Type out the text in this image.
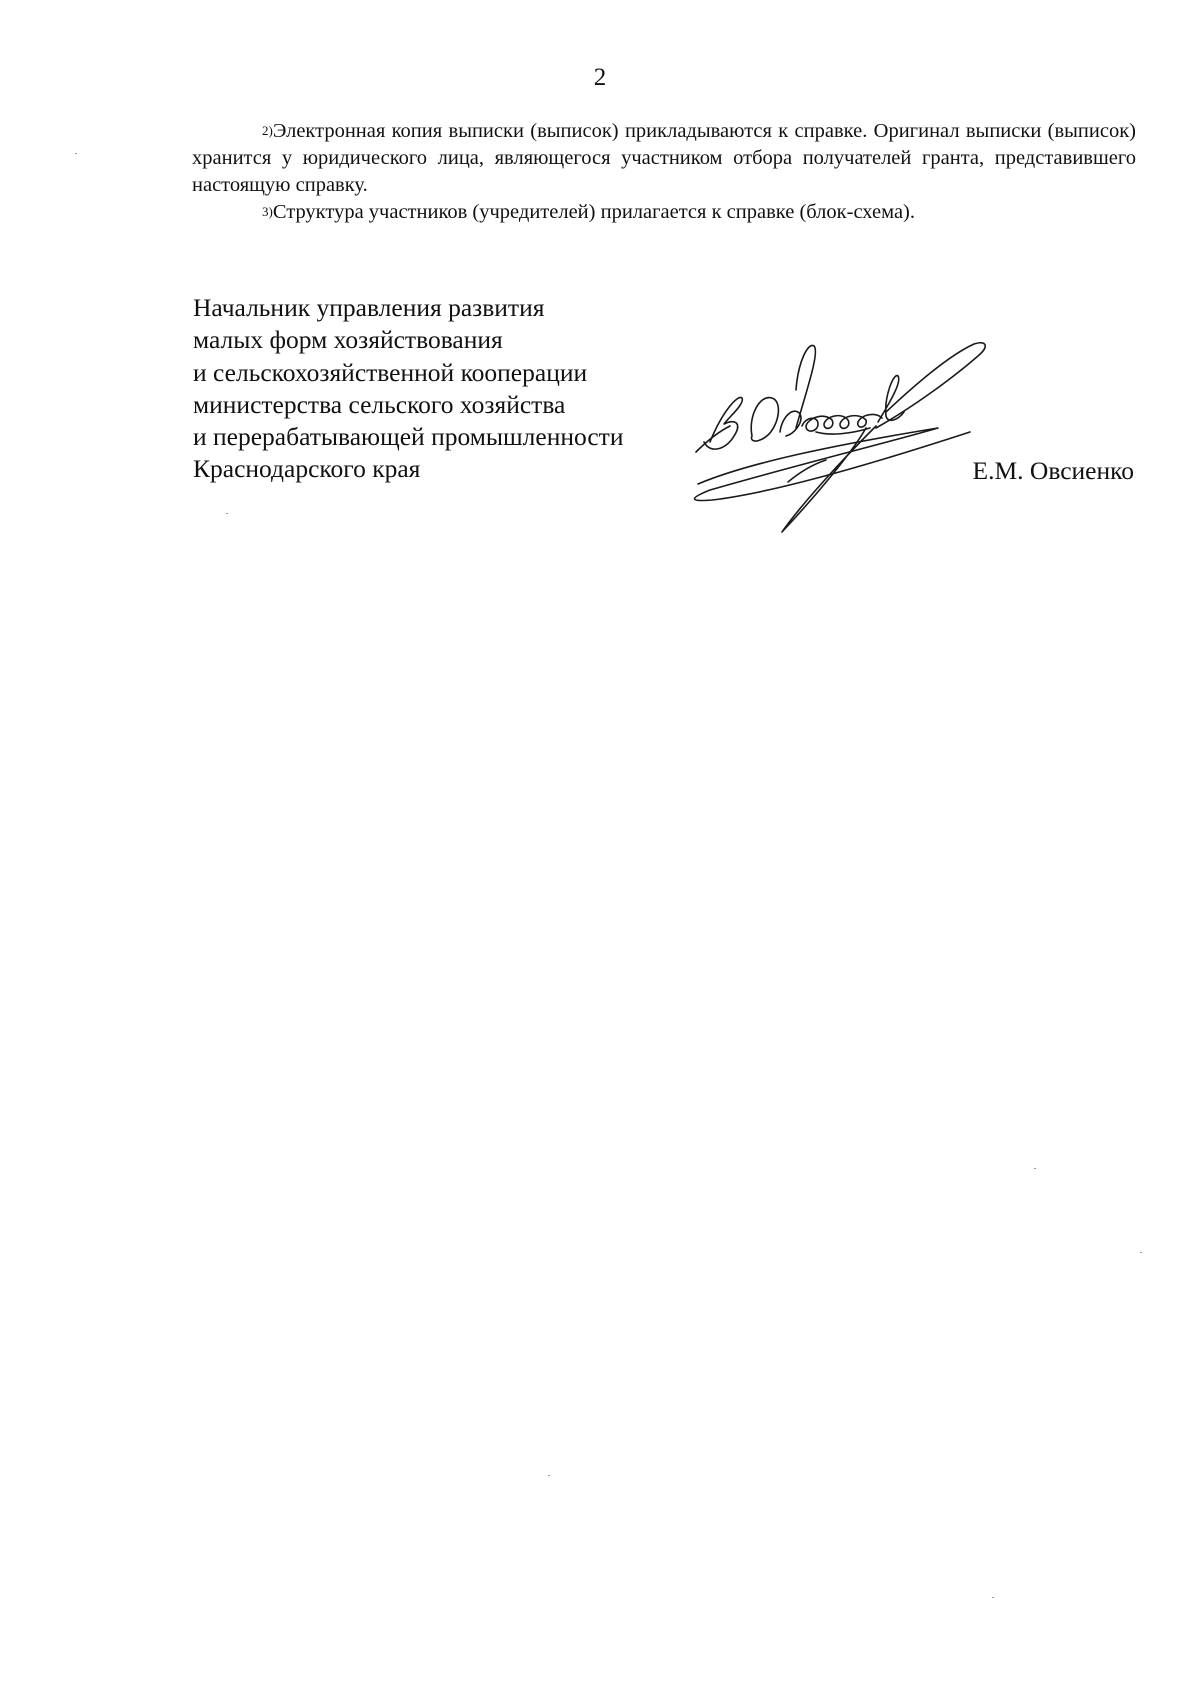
2

$^{2)}$Электронная копия выписки (выписок) прикладываются к справке. Оригинал выписки (выписок) хранится у юридического лица, являющегося участником отбора получателей гранта, представившего настоящую справку.

$^{3)}$Структура участников (учредителей) прилагается к справке (блок-схема).

Начальник управления развития
малых форм хозяйствования
и сельскохозяйственной кооперации
министерства сельского хозяйства
и перерабатывающей промышленности
Краснодарского края	Е.М. Овсиенко
